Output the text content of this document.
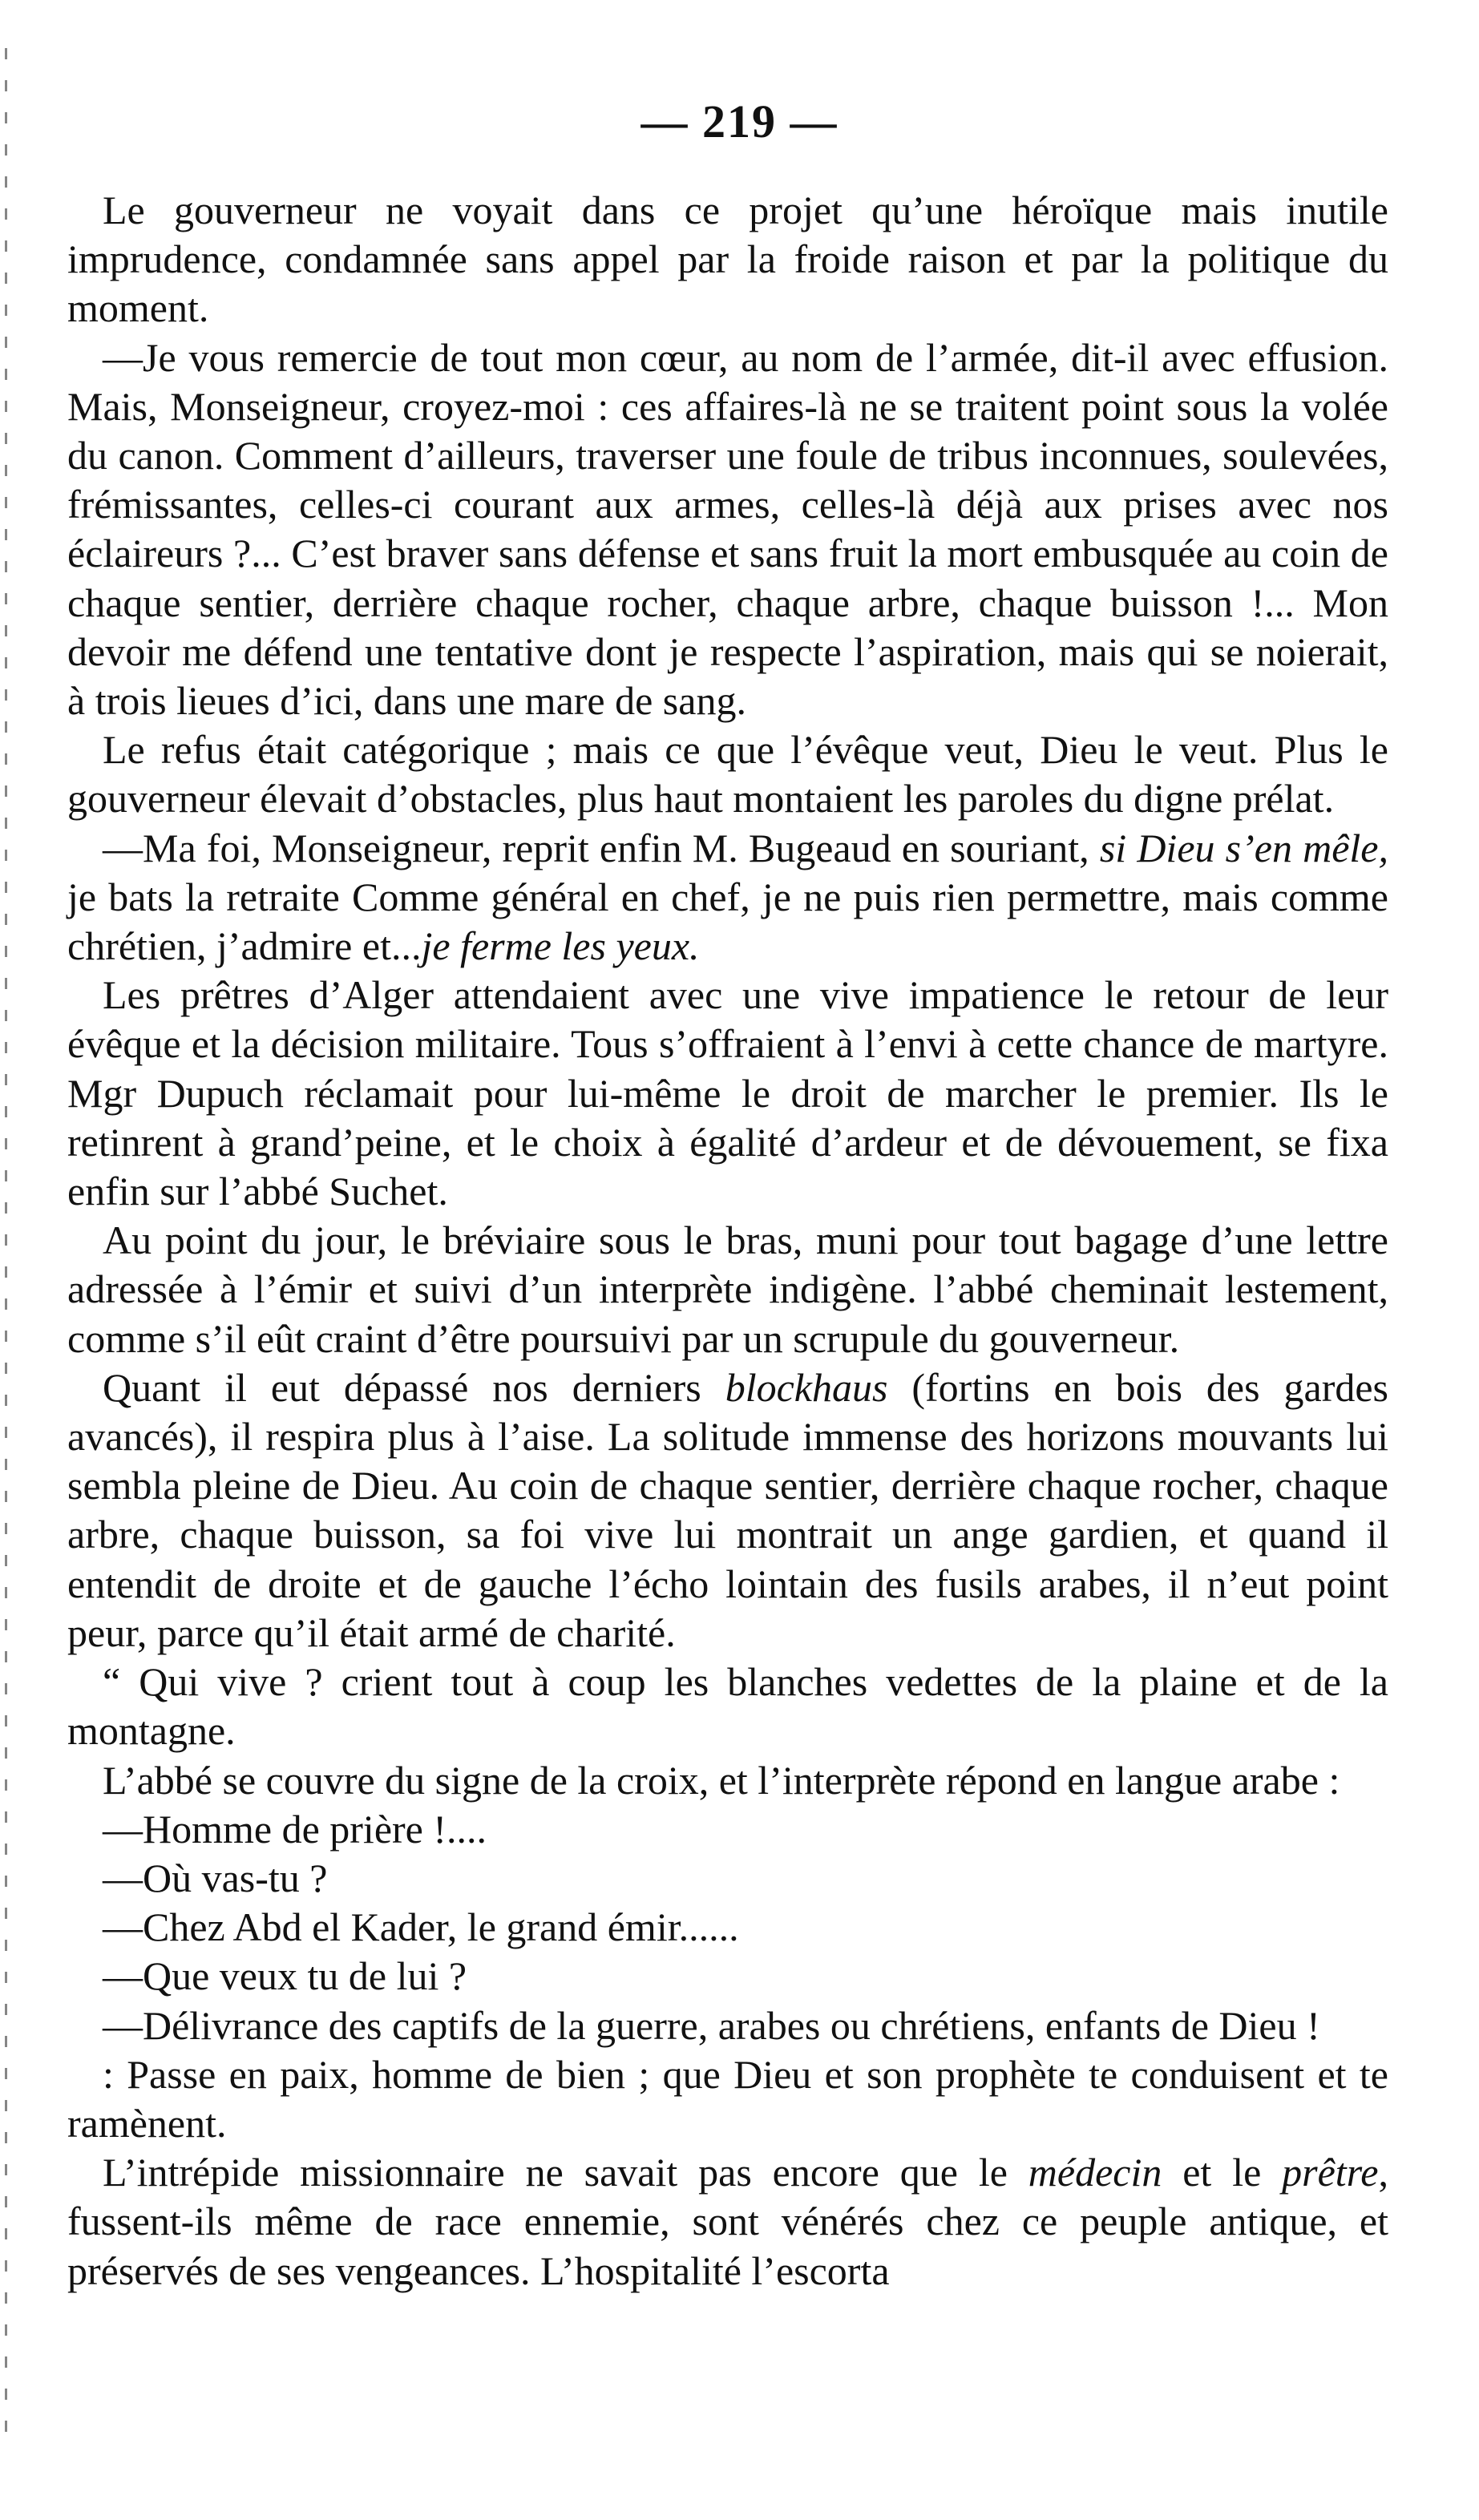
— 219 —

Le gouverneur ne voyait dans ce projet qu’une héroïque mais inutile imprudence, condamnée sans appel par la froide raison et par la politique du moment.

—Je vous remercie de tout mon cœur, au nom de l’armée, dit-il avec effusion. Mais, Monseigneur, croyez-moi : ces affaires-là ne se traitent point sous la volée du canon. Comment d’ailleurs, traverser une foule de tribus inconnues, soulevées, frémissantes, celles-ci courant aux armes, celles-là déjà aux prises avec nos éclaireurs ?... C’est braver sans défense et sans fruit la mort embusquée au coin de chaque sentier, derrière chaque rocher, chaque arbre, chaque buisson !... Mon devoir me défend une tentative dont je respecte l’aspiration, mais qui se noierait, à trois lieues d’ici, dans une mare de sang.

Le refus était catégorique ; mais ce que l’évêque veut, Dieu le veut. Plus le gouverneur élevait d’obstacles, plus haut montaient les paroles du digne prélat.

—Ma foi, Monseigneur, reprit enfin M. Bugeaud en souriant, si Dieu s’en mêle, je bats la retraite Comme général en chef, je ne puis rien permettre, mais comme chrétien, j’admire et...je ferme les yeux.

Les prêtres d’Alger attendaient avec une vive impatience le retour de leur évêque et la décision militaire. Tous s’offraient à l’envi à cette chance de martyre. Mgr Dupuch réclamait pour lui-même le droit de marcher le premier. Ils le retinrent à grand’peine, et le choix à égalité d’ardeur et de dévouement, se fixa enfin sur l’abbé Suchet.

Au point du jour, le bréviaire sous le bras, muni pour tout bagage d’une lettre adressée à l’émir et suivi d’un interprète indigène. l’abbé cheminait lestement, comme s’il eût craint d’être poursuivi par un scrupule du gouverneur.

Quant il eut dépassé nos derniers blockhaus (fortins en bois des gardes avancés), il respira plus à l’aise. La solitude immense des horizons mouvants lui sembla pleine de Dieu. Au coin de chaque sentier, derrière chaque rocher, chaque arbre, chaque buisson, sa foi vive lui montrait un ange gardien, et quand il entendit de droite et de gauche l’écho lointain des fusils arabes, il n’eut point peur, parce qu’il était armé de charité.

“ Qui vive ? crient tout à coup les blanches vedettes de la plaine et de la montagne.

L’abbé se couvre du signe de la croix, et l’interprète répond en langue arabe :

—Homme de prière !....

—Où vas-tu ?

—Chez Abd el Kader, le grand émir......

—Que veux tu de lui ?

—Délivrance des captifs de la guerre, arabes ou chrétiens, enfants de Dieu !

: Passe en paix, homme de bien ; que Dieu et son prophète te conduisent et te ramènent.

L’intrépide missionnaire ne savait pas encore que le médecin et le prêtre, fussent-ils même de race ennemie, sont vénérés chez ce peuple antique, et préservés de ses vengeances. L’hospitalité l’escorta
